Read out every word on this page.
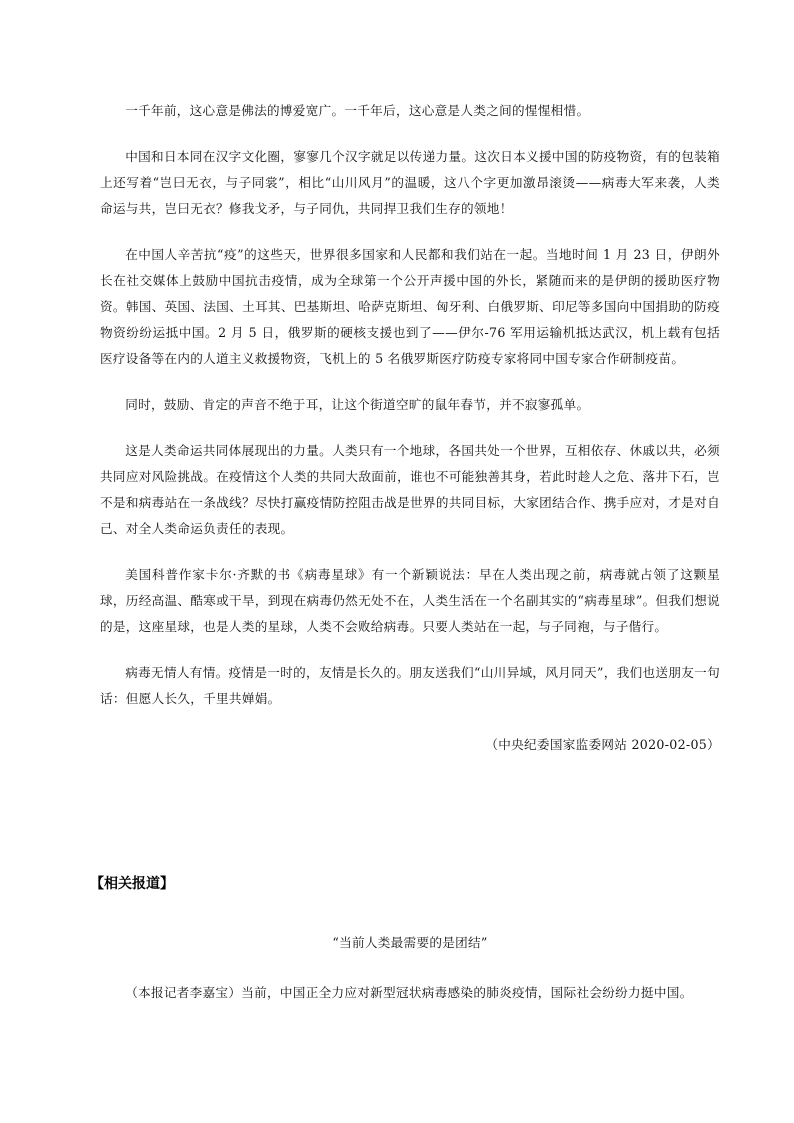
一千年前，这心意是佛法的博爱宽广。一千年后，这心意是人类之间的惺惺相惜。

中国和日本同在汉字文化圈，寥寥几个汉字就足以传递力量。这次日本义援中国的防疫物资，有的包装箱上还写着“岂曰无衣，与子同裳”，相比“山川风月”的温暖，这八个字更加激昂滚烫——病毒大军来袭，人类命运与共，岂曰无衣？修我戈矛，与子同仇，共同捍卫我们生存的领地！

在中国人辛苦抗“疫”的这些天，世界很多国家和人民都和我们站在一起。当地时间 1 月 23 日，伊朗外长在社交媒体上鼓励中国抗击疫情，成为全球第一个公开声援中国的外长，紧随而来的是伊朗的援助医疗物资。韩国、英国、法国、土耳其、巴基斯坦、哈萨克斯坦、匈牙利、白俄罗斯、印尼等多国向中国捐助的防疫物资纷纷运抵中国。2 月 5 日，俄罗斯的硬核支援也到了——伊尔-76 军用运输机抵达武汉，机上载有包括医疗设备等在内的人道主义救援物资，飞机上的 5 名俄罗斯医疗防疫专家将同中国专家合作研制疫苗。

同时，鼓励、肯定的声音不绝于耳，让这个街道空旷的鼠年春节，并不寂寥孤单。

这是人类命运共同体展现出的力量。人类只有一个地球，各国共处一个世界，互相依存、休戚以共，必须共同应对风险挑战。在疫情这个人类的共同大敌面前，谁也不可能独善其身，若此时趁人之危、落井下石，岂不是和病毒站在一条战线？尽快打赢疫情防控阻击战是世界的共同目标，大家团结合作、携手应对，才是对自己、对全人类命运负责任的表现。

美国科普作家卡尔·齐默的书《病毒星球》有一个新颖说法：早在人类出现之前，病毒就占领了这颗星球，历经高温、酷寒或干旱，到现在病毒仍然无处不在，人类生活在一个名副其实的“病毒星球”。但我们想说的是，这座星球，也是人类的星球，人类不会败给病毒。只要人类站在一起，与子同袍，与子偕行。

病毒无情人有情。疫情是一时的，友情是长久的。朋友送我们“山川异域，风月同天”，我们也送朋友一句话：但愿人长久，千里共婵娟。

（中央纪委国家监委网站 2020-02-05）

【相关报道】

“当前人类最需要的是团结”

（本报记者李嘉宝）当前，中国正全力应对新型冠状病毒感染的肺炎疫情，国际社会纷纷力挺中国。
